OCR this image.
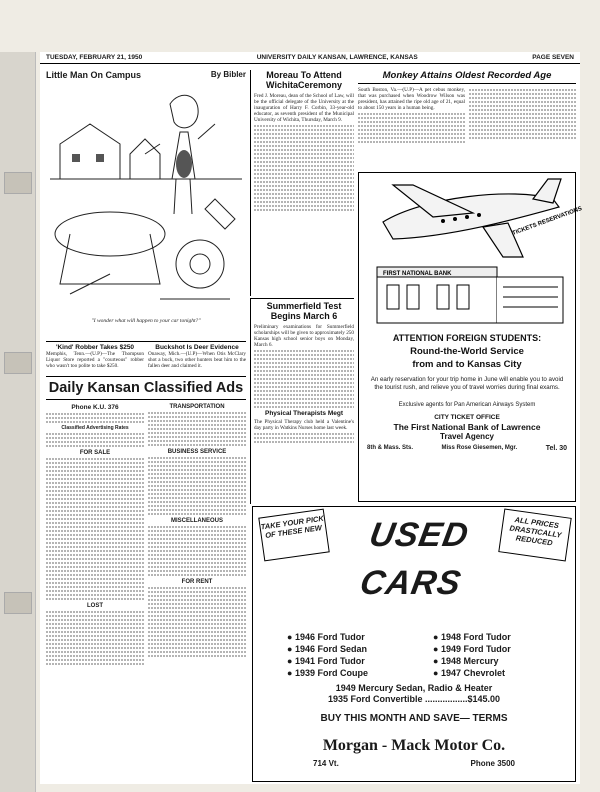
TUESDAY, FEBRUARY 21, 1950	UNIVERSITY DAILY KANSAN, LAWRENCE, KANSAS	PAGE SEVEN
Little Man On Campus	By Bibler
"I wonder what will happen to your car tonight?"
'Kind' Robber Takes $250
Memphis, Tenn.—(U.P)—The Thompson Liquor Store reported a "courteous" robber who wasn't too polite to take $250.
Buckshot Is Deer Evidence
Onaway, Mich.—(U.P)—When Otis McClary shot a buck, two other hunters beat him to the fallen deer and claimed it.
Daily Kansan Classified Ads
Phone K.U. 376
Classified Advertising Rates
FOR SALE
LOST
TRANSPORTATION
BUSINESS SERVICE
MISCELLANEOUS
FOR RENT
Moreau To Attend
WichitaCeremony
Fred J. Moreau, dean of the School of Law, will be the official delegate of the University at the inauguration of Harry F. Corbin, 33-year-old educator, as seventh president of the Municipal University of Wichita, Thursday, March 9.
Summerfield Test
Begins March 6
Preliminary examinations for Summerfield scholarships will be given to approximately 250 Kansas high school senior boys on Monday, March 6.
Physical Therapists Megt
The Physical Therapy club held a Valentine's day party in Watkins Nurses home last week.
Monkey Attains Oldest Recorded Age
South Boston, Va.—(U.P)—A pet cebus monkey, that was purchased when Woodrow Wilson was president, has attained the ripe old age of 21, equal to about 150 years in a human being.
TICKETS RESERVATIONS
FIRST NATIONAL BANK
ATTENTION FOREIGN STUDENTS:
Round-the-World Service
from and to Kansas City
An early reservation for your trip home in June will enable you to avoid the tourist rush, and relieve you of travel worries during final exams.
Exclusive agents for Pan American Airways System
CITY TICKET OFFICE
The First National Bank of Lawrence
Travel Agency
8th & Mass. Sts.	Miss Rose Giesemen, Mgr.	Tel. 30
TAKE YOUR PICK OF THESE NEW	USED CARS
ALL PRICES DRASTICALLY REDUCED
● 1946 Ford Tudor
● 1946 Ford Sedan
● 1941 Ford Tudor
● 1939 Ford Coupe
● 1948 Ford Tudor
● 1949 Ford Tudor
● 1948 Mercury
● 1947 Chevrolet
1949 Mercury Sedan, Radio & Heater
1935 Ford Convertible .................$145.00
BUY THIS MONTH AND SAVE— TERMS
Morgan - Mack Motor Co.
714 Vt.	Phone 3500
